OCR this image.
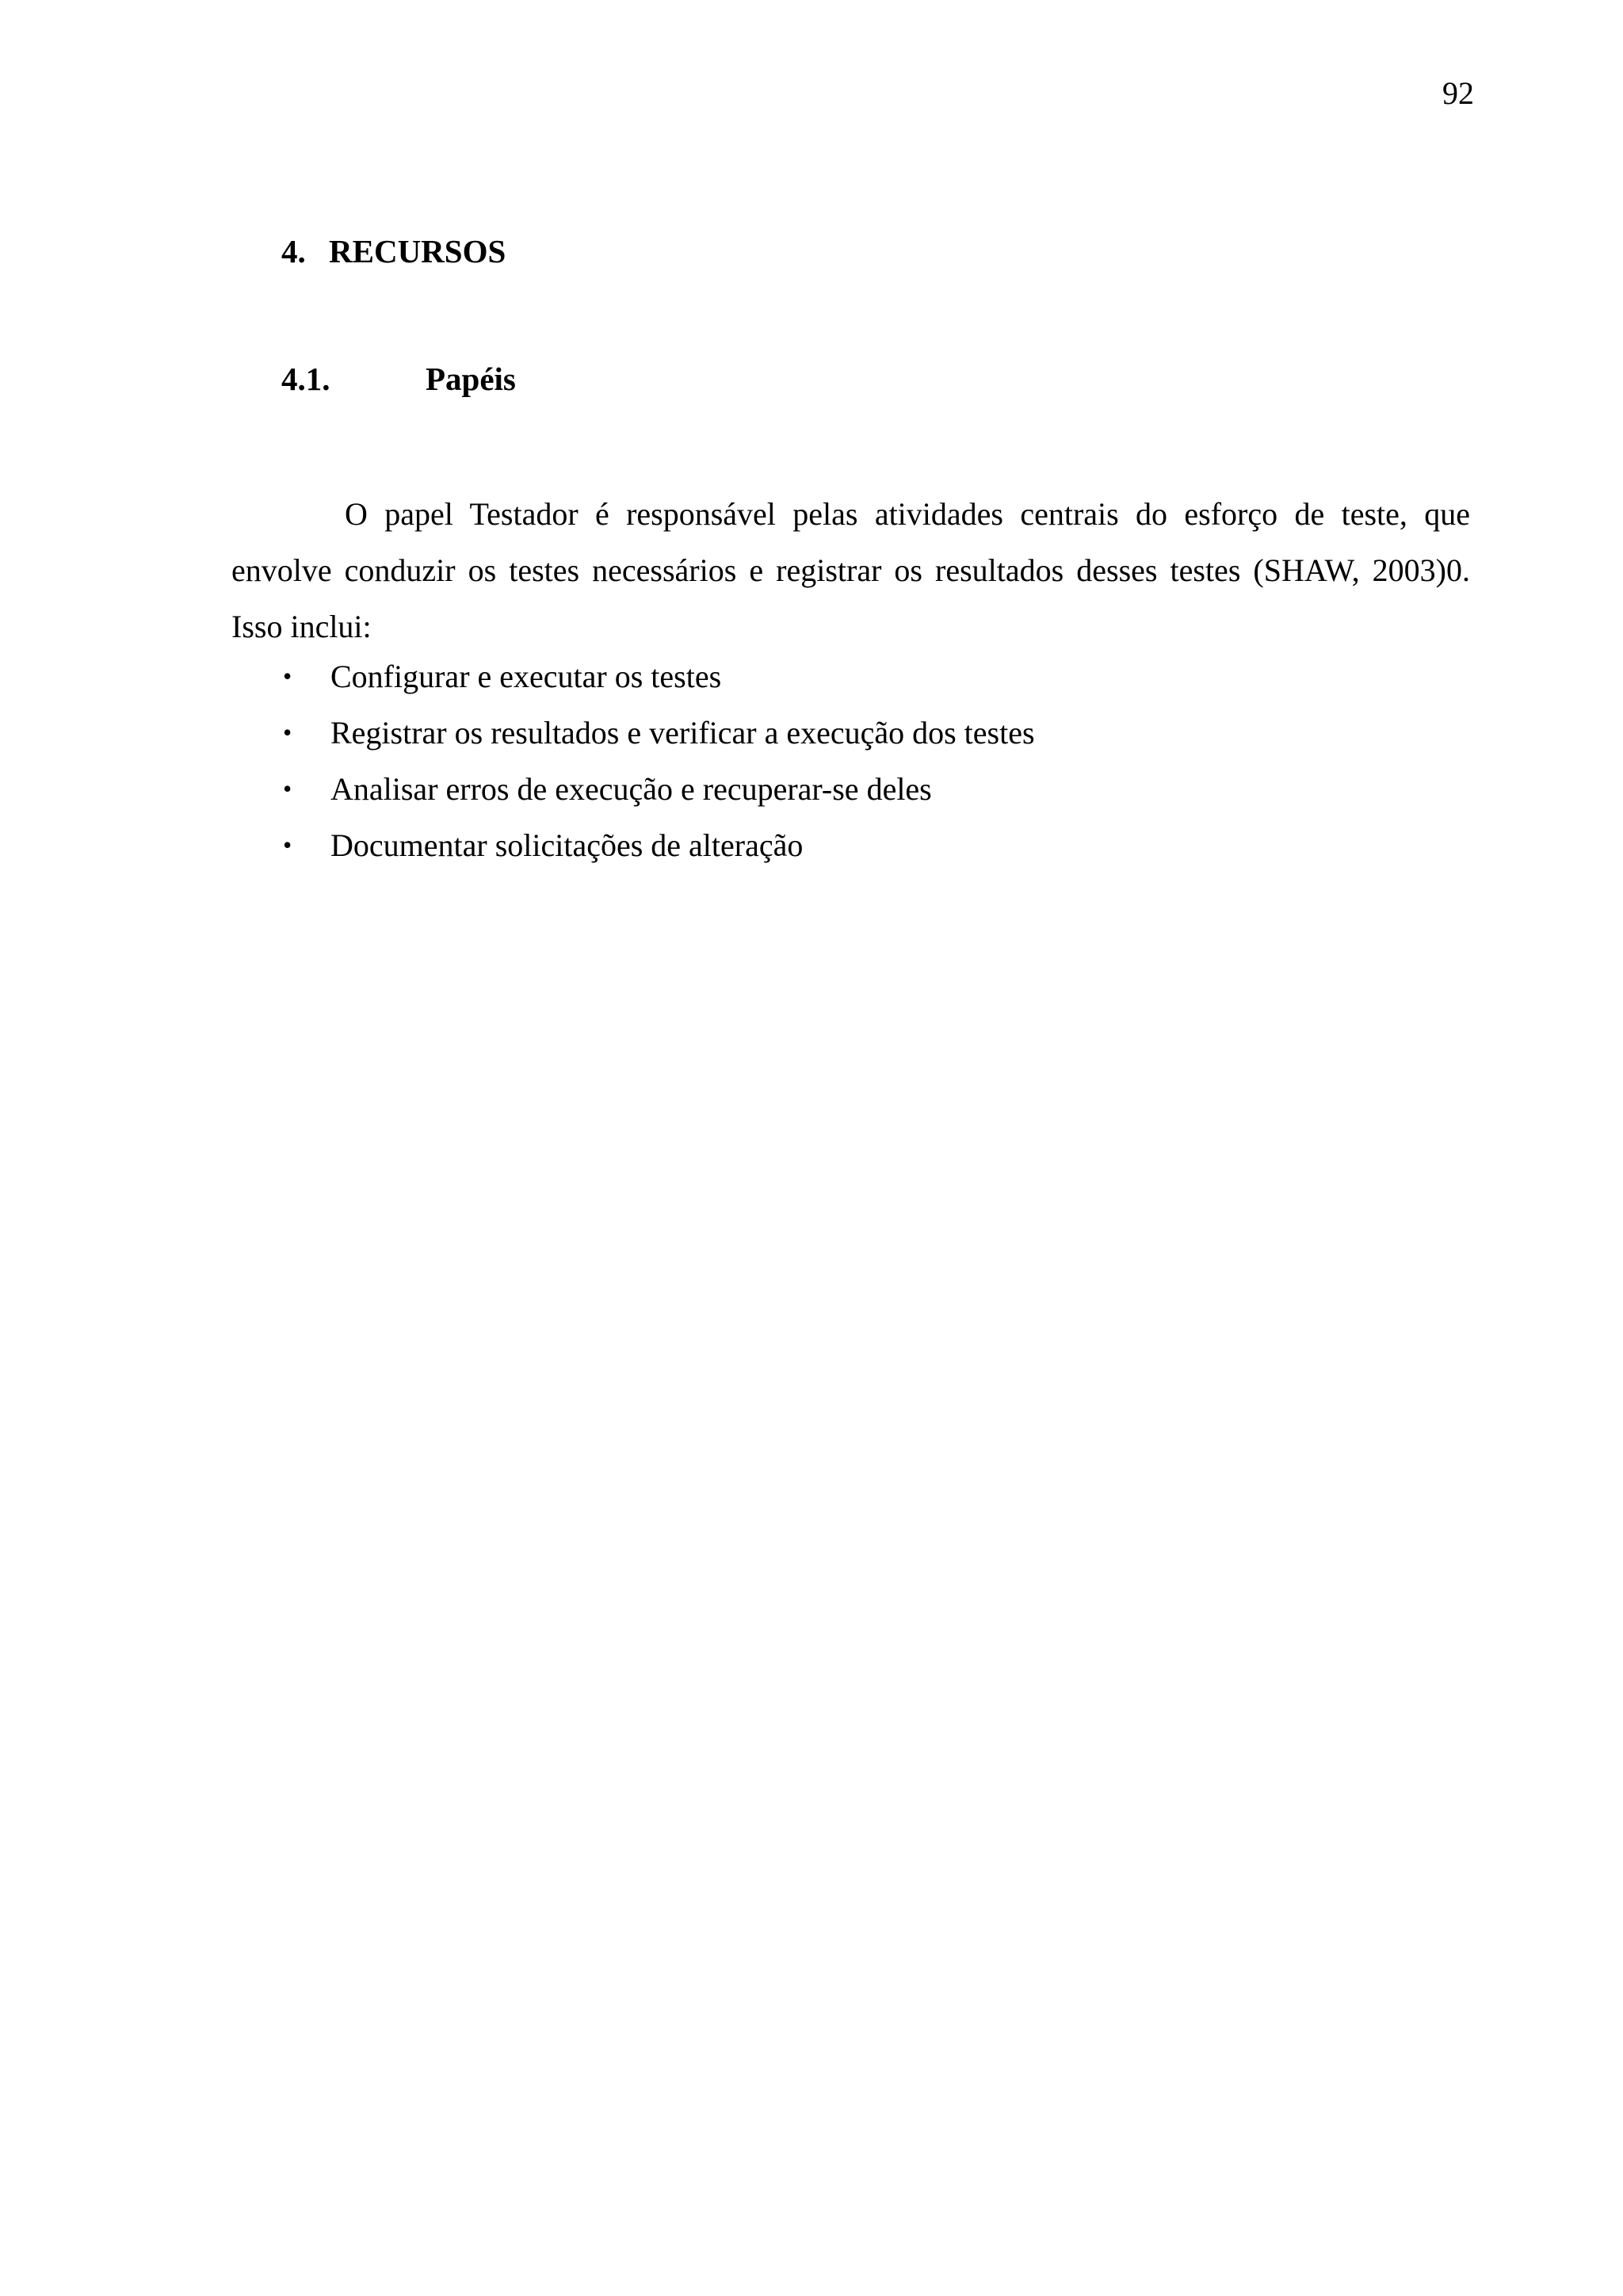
92
4. RECURSOS
4.1.	Papéis

O papel Testador é responsável pelas atividades centrais do esforço de teste, que envolve conduzir os testes necessários e registrar os resultados desses testes (SHAW, 2003)0. Isso inclui:

• Configurar e executar os testes
• Registrar os resultados e verificar a execução dos testes
• Analisar erros de execução e recuperar-se deles
• Documentar solicitações de alteração
